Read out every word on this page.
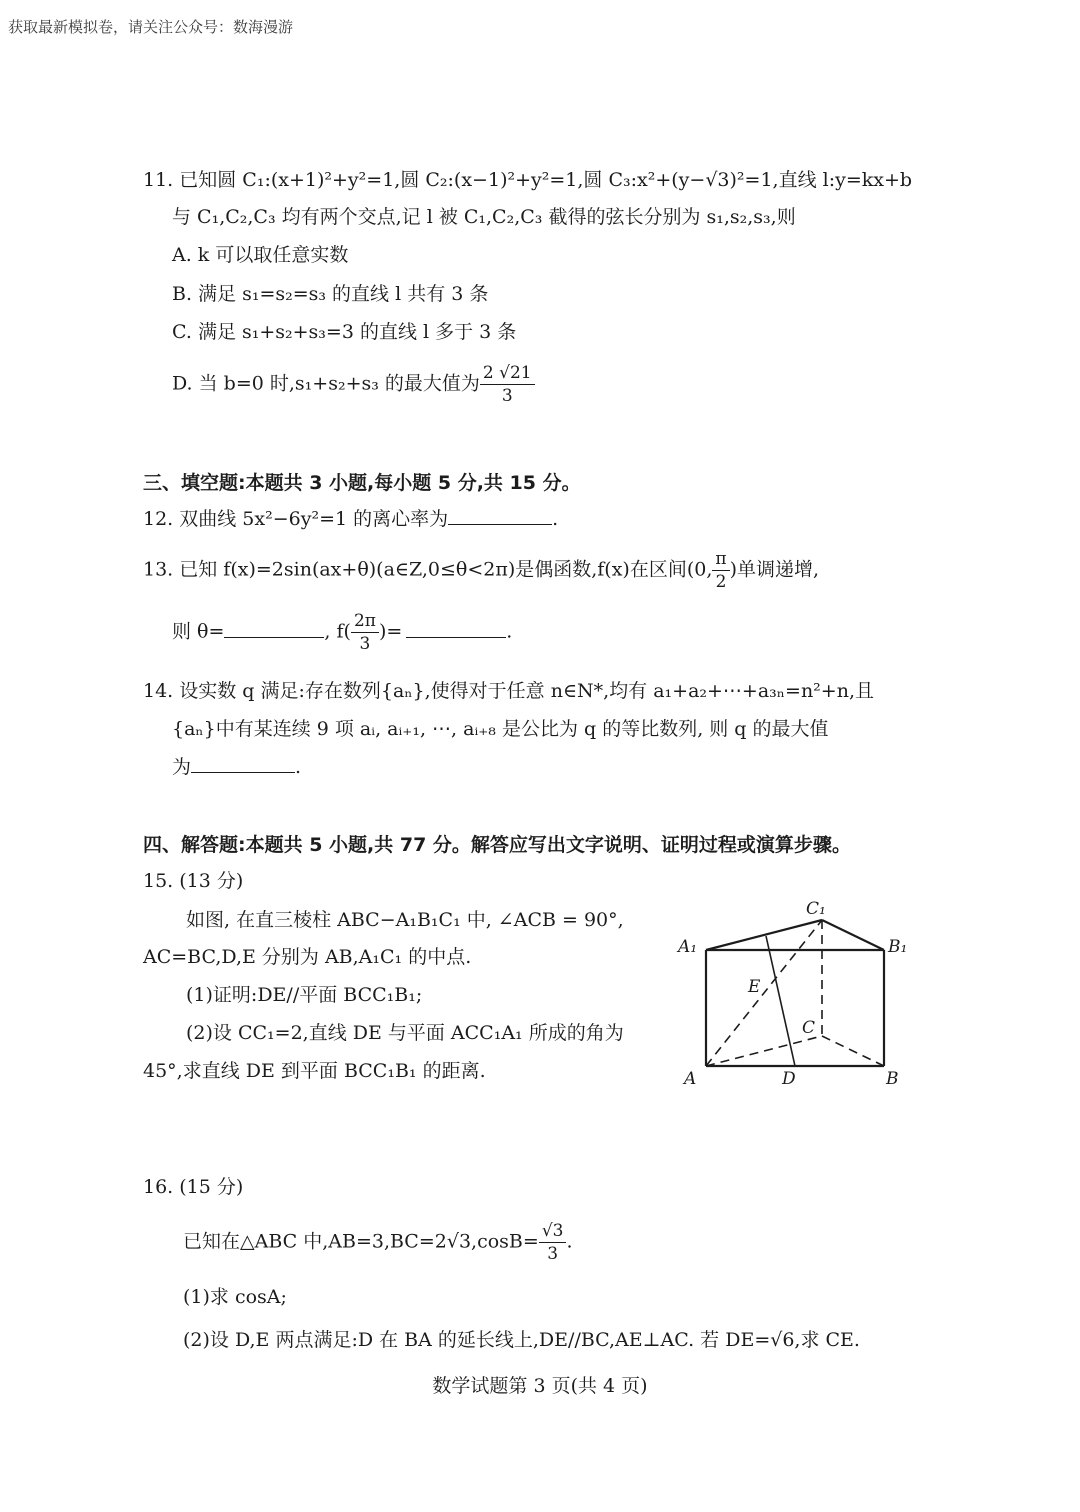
获取最新模拟卷，请关注公众号：数海漫游
11. 已知圆 C₁:(x+1)²+y²=1,圆 C₂:(x−1)²+y²=1,圆 C₃:x²+(y−√3)²=1,直线 l:y=kx+b
与 C₁,C₂,C₃ 均有两个交点,记 l 被 C₁,C₂,C₃ 截得的弦长分别为 s₁,s₂,s₃,则
A. k 可以取任意实数
B. 满足 s₁=s₂=s₃ 的直线 l 共有 3 条
C. 满足 s₁+s₂+s₃=3 的直线 l 多于 3 条
D. 当 b=0 时,s₁+s₂+s₃ 的最大值为 $\frac{2 √21}{3}$
三、填空题:本题共 3 小题,每小题 5 分,共 15 分。
12. 双曲线 5x²−6y²=1 的离心率为	.
13. 已知 f(x)=2sin(ax+θ)(a∈Z,0≤θ<2π)是偶函数,f(x)在区间(0, $\frac{\pi}{2}$ )单调递增,
则 θ=	, $f( \frac{2\pi}{3}$ )=	.
14. 设实数 q 满足:存在数列{aₙ},使得对于任意 n∈N*,均有 a₁+a₂+⋯+a₃ₙ=n²+n,且
{aₙ}中有某连续 9 项 aᵢ, aᵢ₊₁, ⋯, aᵢ₊₈ 是公比为 q 的等比数列, 则 q 的最大值
为	.
四、解答题:本题共 5 小题,共 77 分。解答应写出文字说明、证明过程或演算步骤。
15. (13 分)
如图, 在直三棱柱 ABC−A₁B₁C₁ 中, ∠ACB = 90°,
AC=BC,D,E 分别为 AB,A₁C₁ 的中点.
(1)证明:DE//平面 BCC₁B₁;
(2)设 CC₁=2,直线 DE 与平面 ACC₁A₁ 所成的角为
45°,求直线 DE 到平面 BCC₁B₁ 的距离.
C₁
A₁	B₁
E
C
A	D	B
16. (15 分)
已知在△ABC 中$,AB=3,BC=2√3,\cos B= \frac{√3}{3}$ .
(1)求 cosA;
(2)设 D,E 两点满足:D 在 BA 的延长线上,DE//BC,AE⊥AC. 若 DE=√6,求 CE.
数学试题第 3 页(共 4 页)
